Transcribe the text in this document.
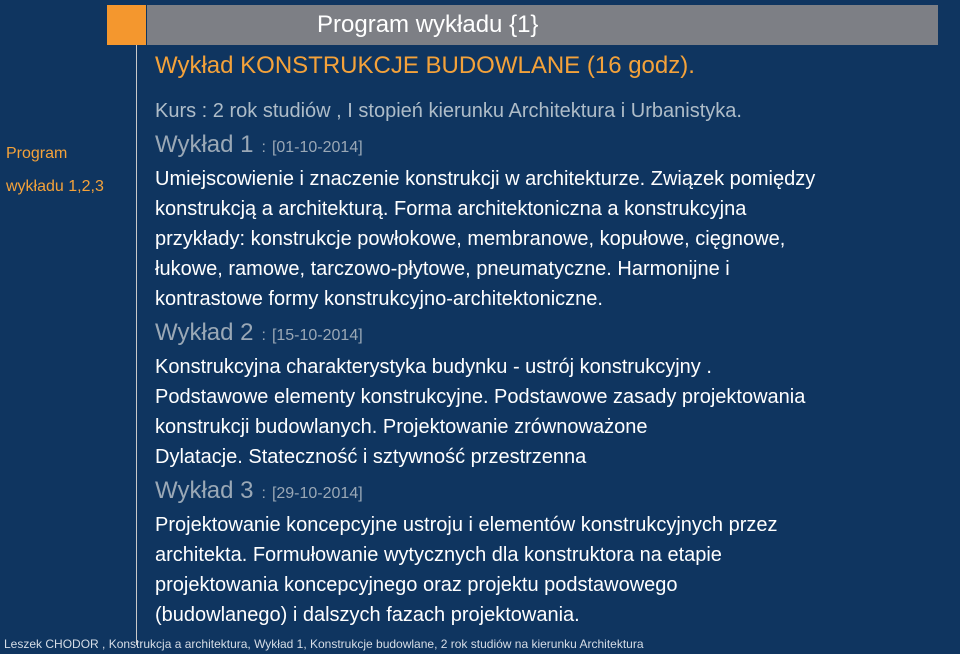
Program wykładu {1}
Wykład KONSTRUKCJE BUDOWLANE (16 godz).
Program
wykładu 1,2,3
Kurs : 2 rok studiów , I stopień kierunku Architektura i Urbanistyka.
Wykład 1 : [01-10-2014]
Umiejscowienie i znaczenie konstrukcji w architekturze. Związek pomiędzy
konstrukcją a architekturą. Forma architektoniczna a konstrukcyjna
przykłady: konstrukcje powłokowe, membranowe, kopułowe, cięgnowe,
łukowe, ramowe, tarczowo-płytowe, pneumatyczne. Harmonijne i
kontrastowe formy konstrukcyjno-architektoniczne.
Wykład 2 : [15-10-2014]
Konstrukcyjna charakterystyka budynku - ustrój konstrukcyjny .
Podstawowe elementy konstrukcyjne. Podstawowe zasady projektowania
konstrukcji budowlanych. Projektowanie zrównoważone
Dylatacje. Stateczność i sztywność przestrzenna
Wykład 3 : [29-10-2014]
Projektowanie koncepcyjne ustroju i elementów konstrukcyjnych przez
architekta. Formułowanie wytycznych dla konstruktora na etapie
projektowania koncepcyjnego oraz projektu podstawowego
(budowlanego) i dalszych fazach projektowania.
Leszek CHODOR , Konstrukcja a architektura, Wykład 1, Konstrukcje budowlane, 2 rok studiów na kierunku Architektura
